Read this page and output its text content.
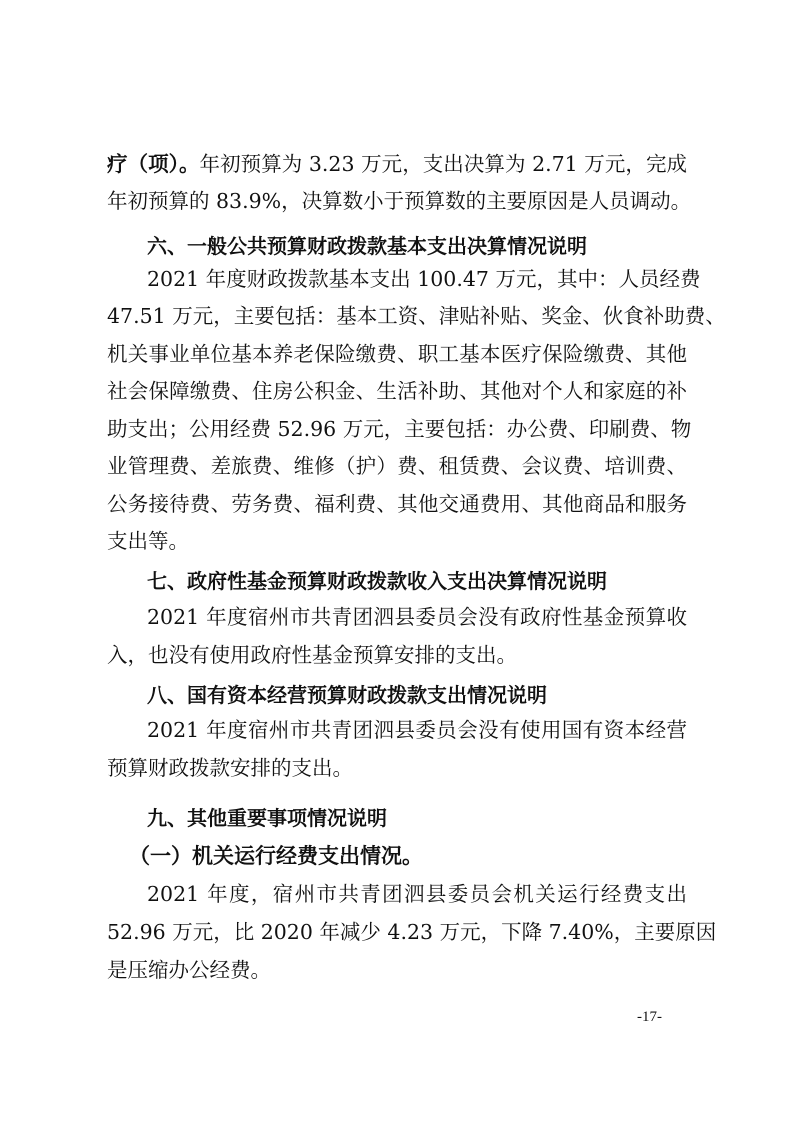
疗（项）。年初预算为 3.23 万元，支出决算为 2.71 万元，完成
年初预算的 83.9%，决算数小于预算数的主要原因是人员调动。
六、一般公共预算财政拨款基本支出决算情况说明
2021 年度财政拨款基本支出 100.47 万元，其中：人员经费
47.51 万元，主要包括：基本工资、津贴补贴、奖金、伙食补助费、
机关事业单位基本养老保险缴费、职工基本医疗保险缴费、其他
社会保障缴费、住房公积金、生活补助、其他对个人和家庭的补
助支出；公用经费 52.96 万元，主要包括：办公费、印刷费、物
业管理费、差旅费、维修（护）费、租赁费、会议费、培训费、
公务接待费、劳务费、福利费、其他交通费用、其他商品和服务
支出等。
七、政府性基金预算财政拨款收入支出决算情况说明
2021 年度宿州市共青团泗县委员会没有政府性基金预算收
入，也没有使用政府性基金预算安排的支出。
八、国有资本经营预算财政拨款支出情况说明
2021 年度宿州市共青团泗县委员会没有使用国有资本经营
预算财政拨款安排的支出。
九、其他重要事项情况说明
（一）机关运行经费支出情况。
2021 年度，宿州市共青团泗县委员会机关运行经费支出
52.96 万元，比 2020 年减少 4.23 万元，下降 7.40%，主要原因
是压缩办公经费。
-17-
